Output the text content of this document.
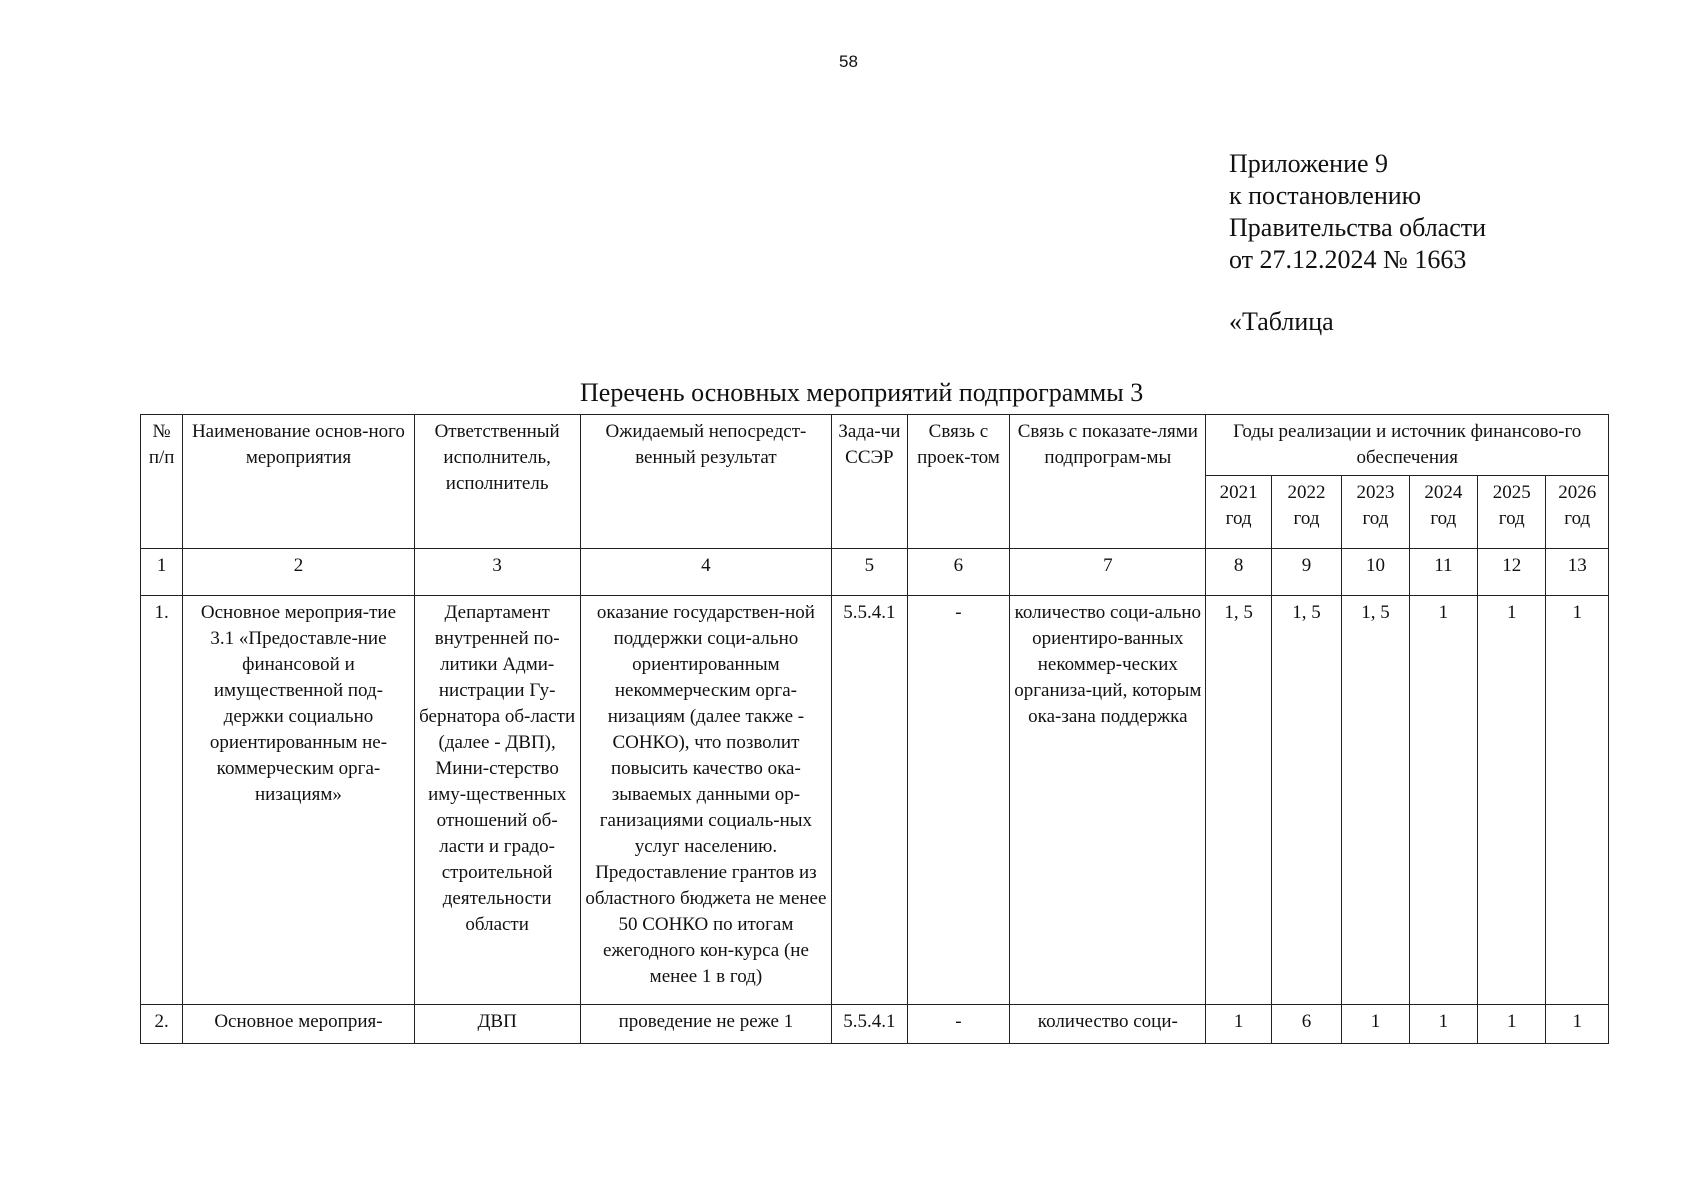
58
Приложение 9
к постановлению
Правительства области
от 27.12.2024 № 1663
«Таблица
Перечень основных мероприятий подпрограммы 3
№ п/п	Наименование основ-ного мероприятия	Ответственный исполнитель, исполнитель	Ожидаемый непосредст-венный результат	Зада-чи ССЭР	Связь с проек-том	Связь с показате-лями подпрограм-мы	Годы реализации и источник финансово-го обеспечения					
							2021 год	2022 год	2023 год	2024 год	2025 год	2026 год
1	2	3	4	5	6	7	8	9	10	11	12	13
1.	Основное мероприя-тие 3.1 «Предоставле-ние финансовой и имущественной под-держки социально ориентированным не-коммерческим орга-низациям»	Департамент внутренней по-литики Адми-нистрации Гу-бернатора об-ласти (далее - ДВП), Мини-стерство иму-щественных отношений об-ласти и градо-строительной деятельности области	оказание государствен-ной поддержки соци-ально ориентированным некоммерческим орга-низациям (далее также - СОНКО), что позволит повысить качество ока-зываемых данными ор-ганизациями социаль-ных услуг населению. Предоставление грантов из областного бюджета не менее 50 СОНКО по итогам ежегодного кон-курса (не менее 1 в год)	5.5.4.1	-	количество соци-ально ориентиро-ванных некоммер-ческих организа-ций, которым ока-зана поддержка	1, 5	1, 5	1, 5	1	1	1
2.	Основное мероприя-	ДВП	проведение не реже 1	5.5.4.1	-	количество соци-	1	6	1	1	1	1
